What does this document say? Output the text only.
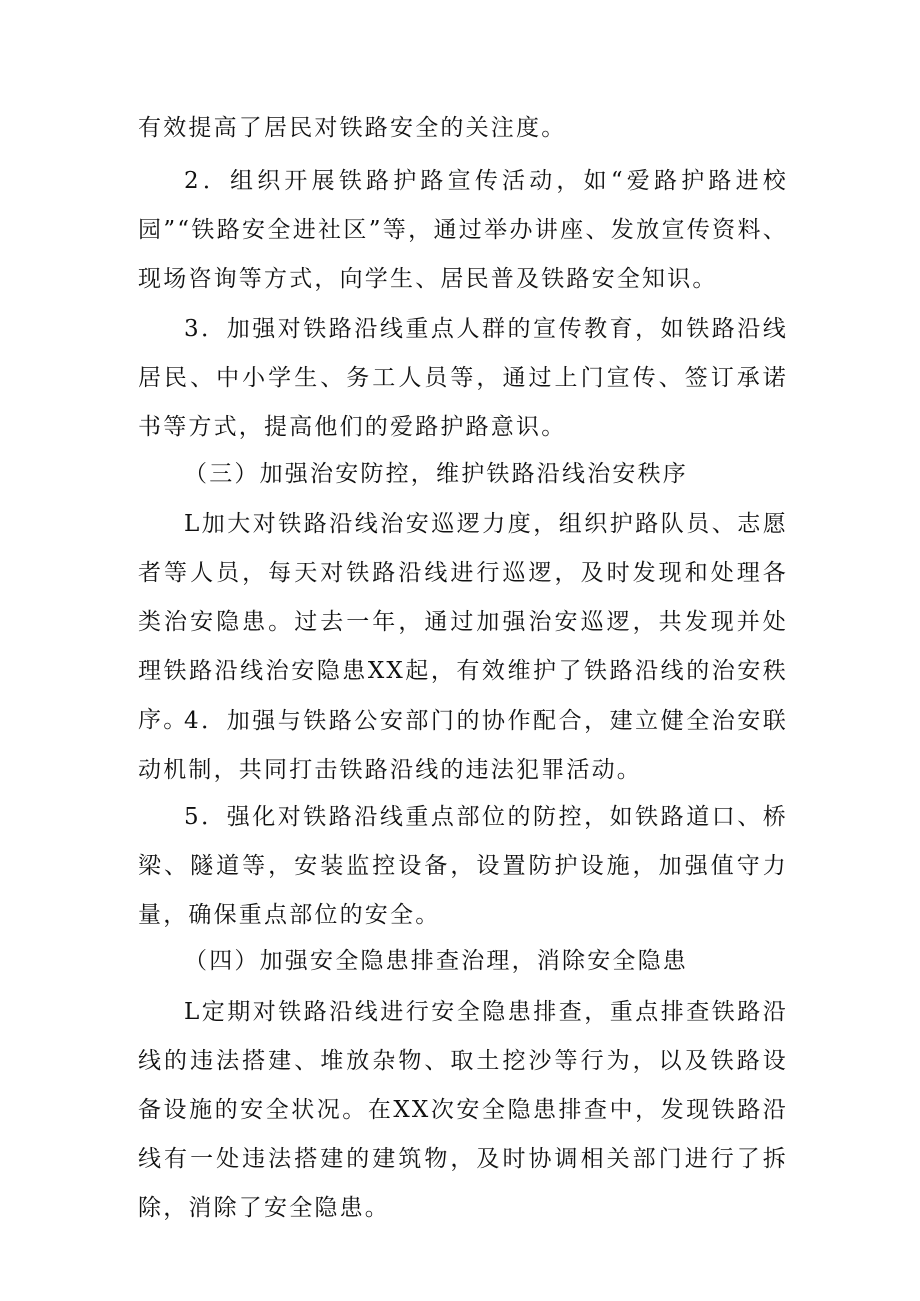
有效提高了居民对铁路安全的关注度。

2．组织开展铁路护路宣传活动，如“爱路护路进校园”“铁路安全进社区”等，通过举办讲座、发放宣传资料、现场咨询等方式，向学生、居民普及铁路安全知识。

3．加强对铁路沿线重点人群的宣传教育，如铁路沿线居民、中小学生、务工人员等，通过上门宣传、签订承诺书等方式，提高他们的爱路护路意识。

（三）加强治安防控，维护铁路沿线治安秩序

L加大对铁路沿线治安巡逻力度，组织护路队员、志愿者等人员，每天对铁路沿线进行巡逻，及时发现和处理各类治安隐患。过去一年，通过加强治安巡逻，共发现并处理铁路沿线治安隐患XX起，有效维护了铁路沿线的治安秩序。

4．加强与铁路公安部门的协作配合，建立健全治安联动机制，共同打击铁路沿线的违法犯罪活动。

5．强化对铁路沿线重点部位的防控，如铁路道口、桥梁、隧道等，安装监控设备，设置防护设施，加强值守力量，确保重点部位的安全。

（四）加强安全隐患排查治理，消除安全隐患

L定期对铁路沿线进行安全隐患排查，重点排查铁路沿线的违法搭建、堆放杂物、取土挖沙等行为，以及铁路设备设施的安全状况。在XX次安全隐患排查中，发现铁路沿线有一处违法搭建的建筑物，及时协调相关部门进行了拆除，消除了安全隐患。
